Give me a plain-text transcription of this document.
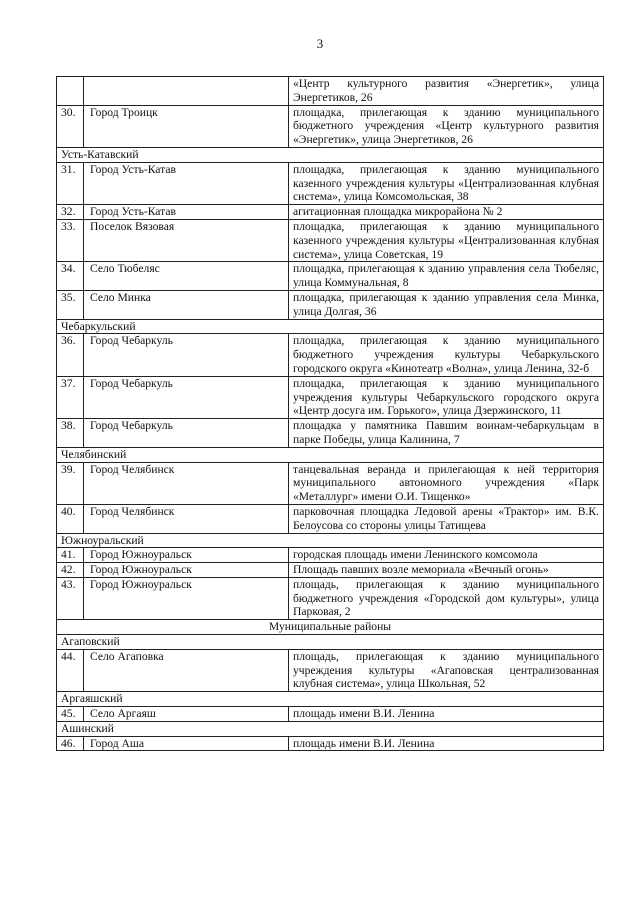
3
		«Центр культурного развития «Энергетик», улица Энергетиков, 26
30.	Город Троицк	площадка, прилегающая к зданию муниципального бюджетного учреждения «Центр культурного развития «Энергетик», улица Энергетиков, 26
Усть-Катавский		
31.	Город Усть-Катав	площадка, прилегающая к зданию муниципального казенного учреждения культуры «Централизованная клубная система», улица Комсомольская, 38
32.	Город Усть-Катав	агитационная площадка микрорайона № 2
33.	Поселок Вязовая	площадка, прилегающая к зданию муниципального казенного учреждения культуры «Централизованная клубная система», улица Советская, 19
34.	Село Тюбеляс	площадка, прилегающая к зданию управления села Тюбеляс, улица Коммунальная, 8
35.	Село Минка	площадка, прилегающая к зданию управления села Минка, улица Долгая, 36
Чебаркульский		
36.	Город Чебаркуль	площадка, прилегающая к зданию муниципального бюджетного учреждения культуры Чебаркульского городского округа «Кинотеатр «Волна», улица Ленина, 32-б
37.	Город Чебаркуль	площадка, прилегающая к зданию муниципального учреждения культуры Чебаркульского городского округа «Центр досуга им. Горького», улица Дзержинского, 11
38.	Город Чебаркуль	площадка у памятника Павшим воинам-чебаркульцам в парке Победы, улица Калинина, 7
Челябинский		
39.	Город Челябинск	танцевальная веранда и прилегающая к ней территория муниципального автономного учреждения «Парк «Металлург» имени О.И. Тищенко»
40.	Город Челябинск	парковочная площадка Ледовой арены «Трактор» им. В.К. Белоусова со стороны улицы Татищева
Южноуральский		
41.	Город Южноуральск	городская площадь имени Ленинского комсомола
42.	Город Южноуральск	Площадь павших возле мемориала «Вечный огонь»
43.	Город Южноуральск	площадь, прилегающая к зданию муниципального бюджетного учреждения «Городской дом культуры», улица Парковая, 2
Муниципальные районы		
Агаповский		
44.	Село Агаповка	площадь, прилегающая к зданию муниципального учреждения культуры «Агаповская централизованная клубная система», улица Школьная, 52
Аргаяшский		
45.	Село Аргаяш	площадь имени В.И. Ленина
Ашинский		
46.	Город Аша	площадь имени В.И. Ленина
